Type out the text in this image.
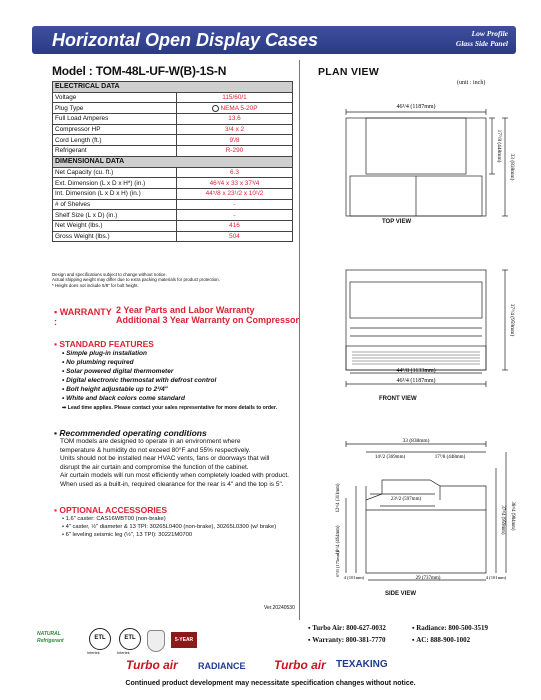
Horizontal Open Display Cases	Low Profile
Glass Side Panel
Model : TOM-48L-UF-W(B)-1S-N
ELECTRICAL DATA	
Voltage	115/60/1
Plug Type	NEMA 5-20P
Full Load Amperes	13.6
Compressor HP	3/4 x 2
Cord Length (ft.)	9'/8
Refrigerant	R-290
DIMENSIONAL DATA	
Net Capacity (cu. ft.)	6.3
Ext. Dimension (L x D x H*) (in.)	46³/4 x 33 x 37³/4
Int. Dimension (L x D x H) (in.)	44⁵/8 x 23¹/2 x 10¹/2
# of Shelves	-
Shelf Size (L x D) (in.)	-
Net Weight (lbs.)	416
Gross Weight (lbs.)	504
Design and specifications subject to change without notice.
Actual shipping weight may differ due to extra packing materials for product protection.
* Height does not include 5/8" for bolt height.
▪ WARRANTY :
2 Year Parts and Labor Warranty
Additional 3 Year Warranty on Compressor
▪ STANDARD FEATURES
• Simple plug-in installation
• No plumbing required
• Solar powered digital thermometer
• Digital electronic thermostat with defrost control
• Bolt height adjustable up to 2³/4"
• White and black colors come standard
➡ Lead time applies. Please contact your sales representative for more details to order.
▪ Recommended operating conditions
TOM models are designed to operate in an environment where
temperature & humidity do not exceed 80°F and 55% respectively.
Units should not be installed near HVAC vents, fans or doorways that will
disrupt the air curtain and compromise the function of the cabinet.
Air curtain models will run most efficiently when completely loaded with product.
When used as a built-in, required clearance for the rear is 4" and the top is 5".
▪ OPTIONAL ACCESSORIES
• 1.6" caster: CAS16WBT00 (non-brake)
• 4" caster, ½" diameter & 13 TPI: 30265L0400 (non-brake), 30265L0300 (w/ brake)
• 6" leveling seismic leg (½", 13 TPI): 30221M0700
Ver.20240530
PLAN VIEW
(unit : inch)
46³/4 (1187mm)
17⁵/8 (448mm)
33 (838mm)
TOP VIEW
37³/4 (959mm)
44⁵/8 (1133mm)
46³/4 (1187mm)
FRONT VIEW
33 (838mm)
14¹/2 (369mm)	17⁵/8 (448mm)
23¹/2 (597mm)
12¹/4 (311mm)
18¹/4 (464mm)
37³/4 (959mm) 38³/4 (984mm)
6⁷/8 (175mm)
4 (101mm)	29 (737mm)	4 (101mm)
SIDE VIEW
NATURAL
Refrigerant	ETL
Intertek
ETL
Intertek
5-YEAR
▪ Turbo Air: 800-627-0032	▪ Radiance: 800-500-3519
▪ Warranty: 800-381-7770	▪ AC: 888-900-1002
Turbo air RADIANCE Turbo air TEXAKING
Continued product development may necessitate specification changes without notice.
